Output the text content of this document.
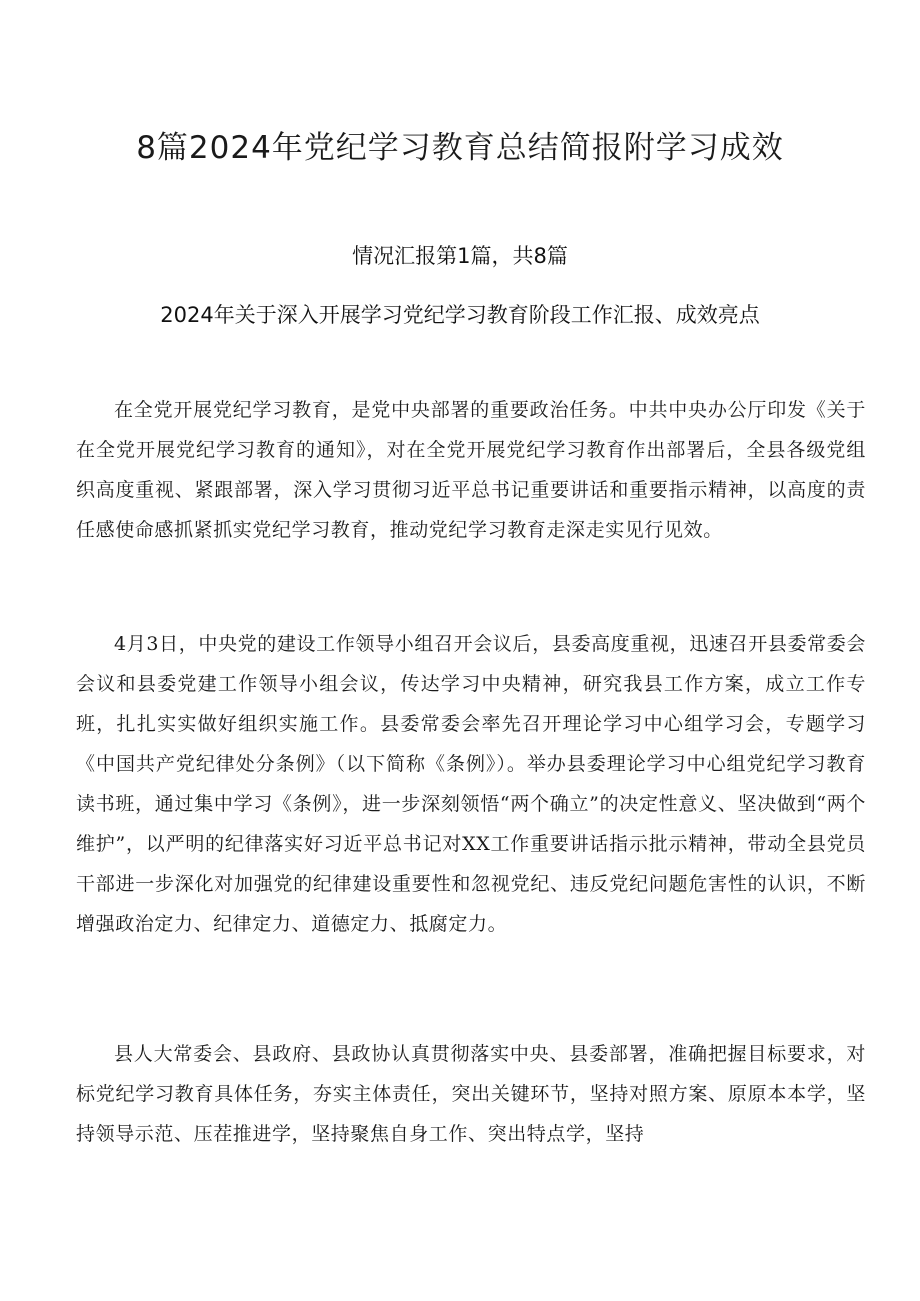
8篇2024年党纪学习教育总结简报附学习成效
情况汇报第1篇，共8篇
2024年关于深入开展学习党纪学习教育阶段工作汇报、成效亮点

在全党开展党纪学习教育，是党中央部署的重要政治任务。中共中央办公厅印发《关于在全党开展党纪学习教育的通知》，对在全党开展党纪学习教育作出部署后，全县各级党组织高度重视、紧跟部署，深入学习贯彻习近平总书记重要讲话和重要指示精神，以高度的责任感使命感抓紧抓实党纪学习教育，推动党纪学习教育走深走实见行见效。

4月3日，中央党的建设工作领导小组召开会议后，县委高度重视，迅速召开县委常委会会议和县委党建工作领导小组会议，传达学习中央精神，研究我县工作方案，成立工作专班，扎扎实实做好组织实施工作。县委常委会率先召开理论学习中心组学习会，专题学习《中国共产党纪律处分条例》（以下简称《条例》）。举办县委理论学习中心组党纪学习教育读书班，通过集中学习《条例》，进一步深刻领悟“两个确立”的决定性意义、坚决做到“两个维护”，以严明的纪律落实好习近平总书记对XX工作重要讲话指示批示精神，带动全县党员干部进一步深化对加强党的纪律建设重要性和忽视党纪、违反党纪问题危害性的认识，不断增强政治定力、纪律定力、道德定力、抵腐定力。

县人大常委会、县政府、县政协认真贯彻落实中央、县委部署，准确把握目标要求，对标党纪学习教育具体任务，夯实主体责任，突出关键环节，坚持对照方案、原原本本学，坚持领导示范、压茬推进学，坚持聚焦自身工作、突出特点学，坚持
